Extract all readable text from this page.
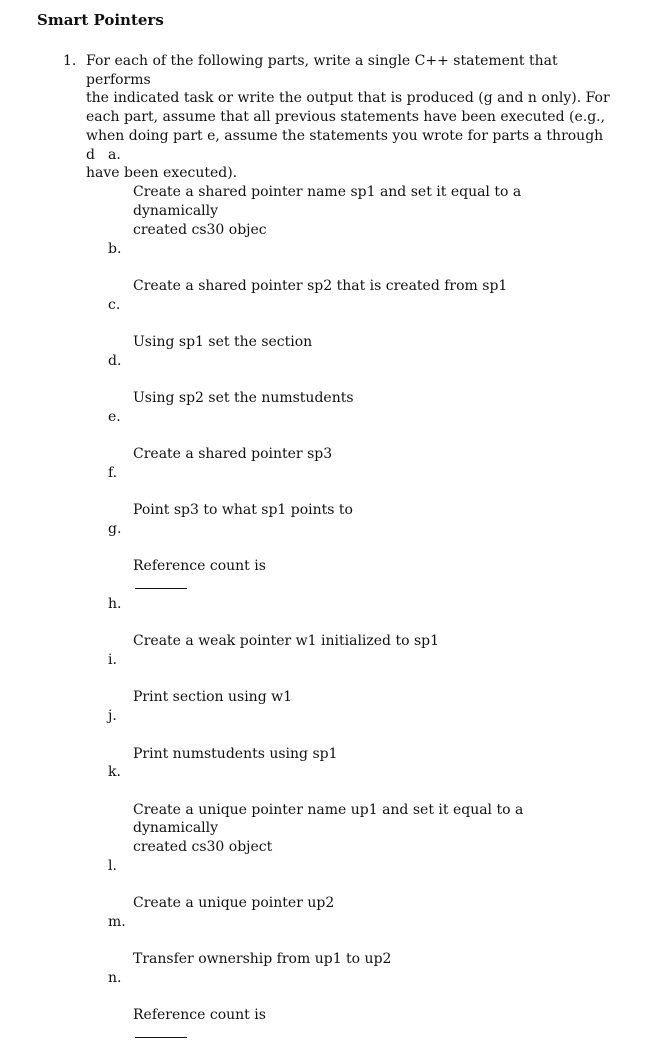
Smart Pointers
1. For each of the following parts, write a single C++ statement that performs
the indicated task or write the output that is produced (g and n only). For
each part, assume that all previous statements have been executed (e.g.,
when doing part e, assume the statements you wrote for parts a through d
have been executed).

a.

Create a shared pointer name sp1 and set it equal to a dynamically
created cs30 objec

b.

Create a shared pointer sp2 that is created from sp1

c.

Using sp1 set the section

d.

Using sp2 set the numstudents

e.

Create a shared pointer sp3

f.

Point sp3 to what sp1 points to

g.

Reference count is

h.

Create a weak pointer w1 initialized to sp1

i.

Print section using w1

j.

Print numstudents using sp1

k.

Create a unique pointer name up1 and set it equal to a dynamically
created cs30 object

l.

Create a unique pointer up2

m.

Transfer ownership from up1 to up2

n.

Reference count is
